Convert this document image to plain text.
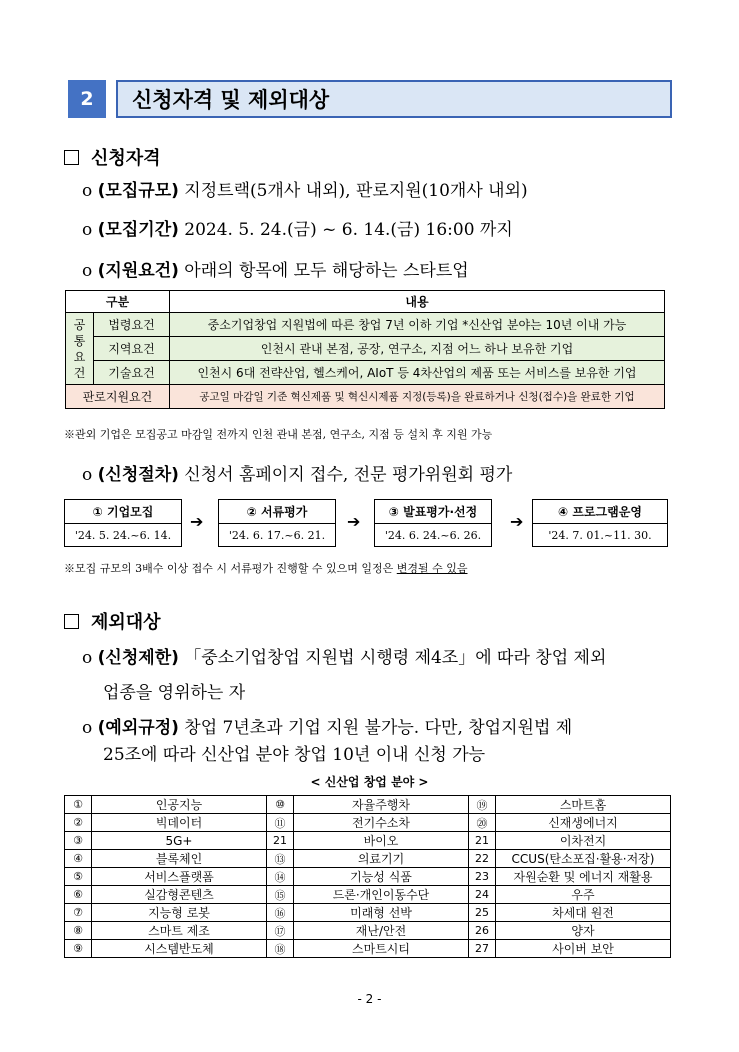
2	신청자격 및 제외대상
신청자격
o (모집규모) 지정트랙(5개사 내외), 판로지원(10개사 내외)
o (모집기간) 2024. 5. 24.(금) ~ 6. 14.(금) 16:00 까지
o (지원요건) 아래의 항목에 모두 해당하는 스타트업
구분		내용

공
통
요
건	법령요건	중소기업창업 지원법에 따른 창업 7년 이하 기업 *신산업 분야는 10년 이내 가능
	지역요건	인천시 관내 본점, 공장, 연구소, 지점 어느 하나 보유한 기업
	기술요건	인천시 6대 전략산업, 헬스케어, AIoT 등 4차산업의 제품 또는 서비스를 보유한 기업
판로지원요건		공고일 마감일 기준 혁신제품 및 혁신시제품 지정(등록)을 완료하거나 신청(접수)을 완료한 기업
※관외 기업은 모집공고 마감일 전까지 인천 관내 본점, 연구소, 지점 등 설치 후 지원 가능
o (신청절차) 신청서 홈페이지 접수, 전문 평가위원회 평가
① 기업모집
'24. 5. 24.~6. 14.
➔	② 서류평가
'24. 6. 17.~6. 21.
➔	③ 발표평가·선정
'24. 6. 24.~6. 26.
➔	④ 프로그램운영
'24. 7. 01.~11. 30.
※모집 규모의 3배수 이상 접수 시 서류평가 진행할 수 있으며 일정은 변경될 수 있음
제외대상
o (신청제한) 「중소기업창업 지원법 시행령 제4조」에 따라 창업 제외
업종을 영위하는 자
o (예외규정) 창업 7년초과 기업 지원 불가능. 다만, 창업지원법 제
25조에 따라 신산업 분야 창업 10년 이내 신청 가능
< 신산업 창업 분야 >
①	인공지능	⑩	자율주행차	⑲	스마트홈
②	빅데이터	⑪	전기수소차	⑳	신재생에너지
③	5G+	21	바이오	21	이차전지
④	블록체인	⑬	의료기기	22	CCUS(탄소포집·활용·저장)
⑤	서비스플랫폼	⑭	기능성 식품	23	자원순환 및 에너지 재활용
⑥	실감형콘텐츠	⑮	드론·개인이동수단	24	우주
⑦	지능형 로봇	⑯	미래형 선박	25	차세대 원전
⑧	스마트 제조	⑰	재난/안전	26	양자
⑨	시스템반도체	⑱	스마트시티	27	사이버 보안
- 2 -
